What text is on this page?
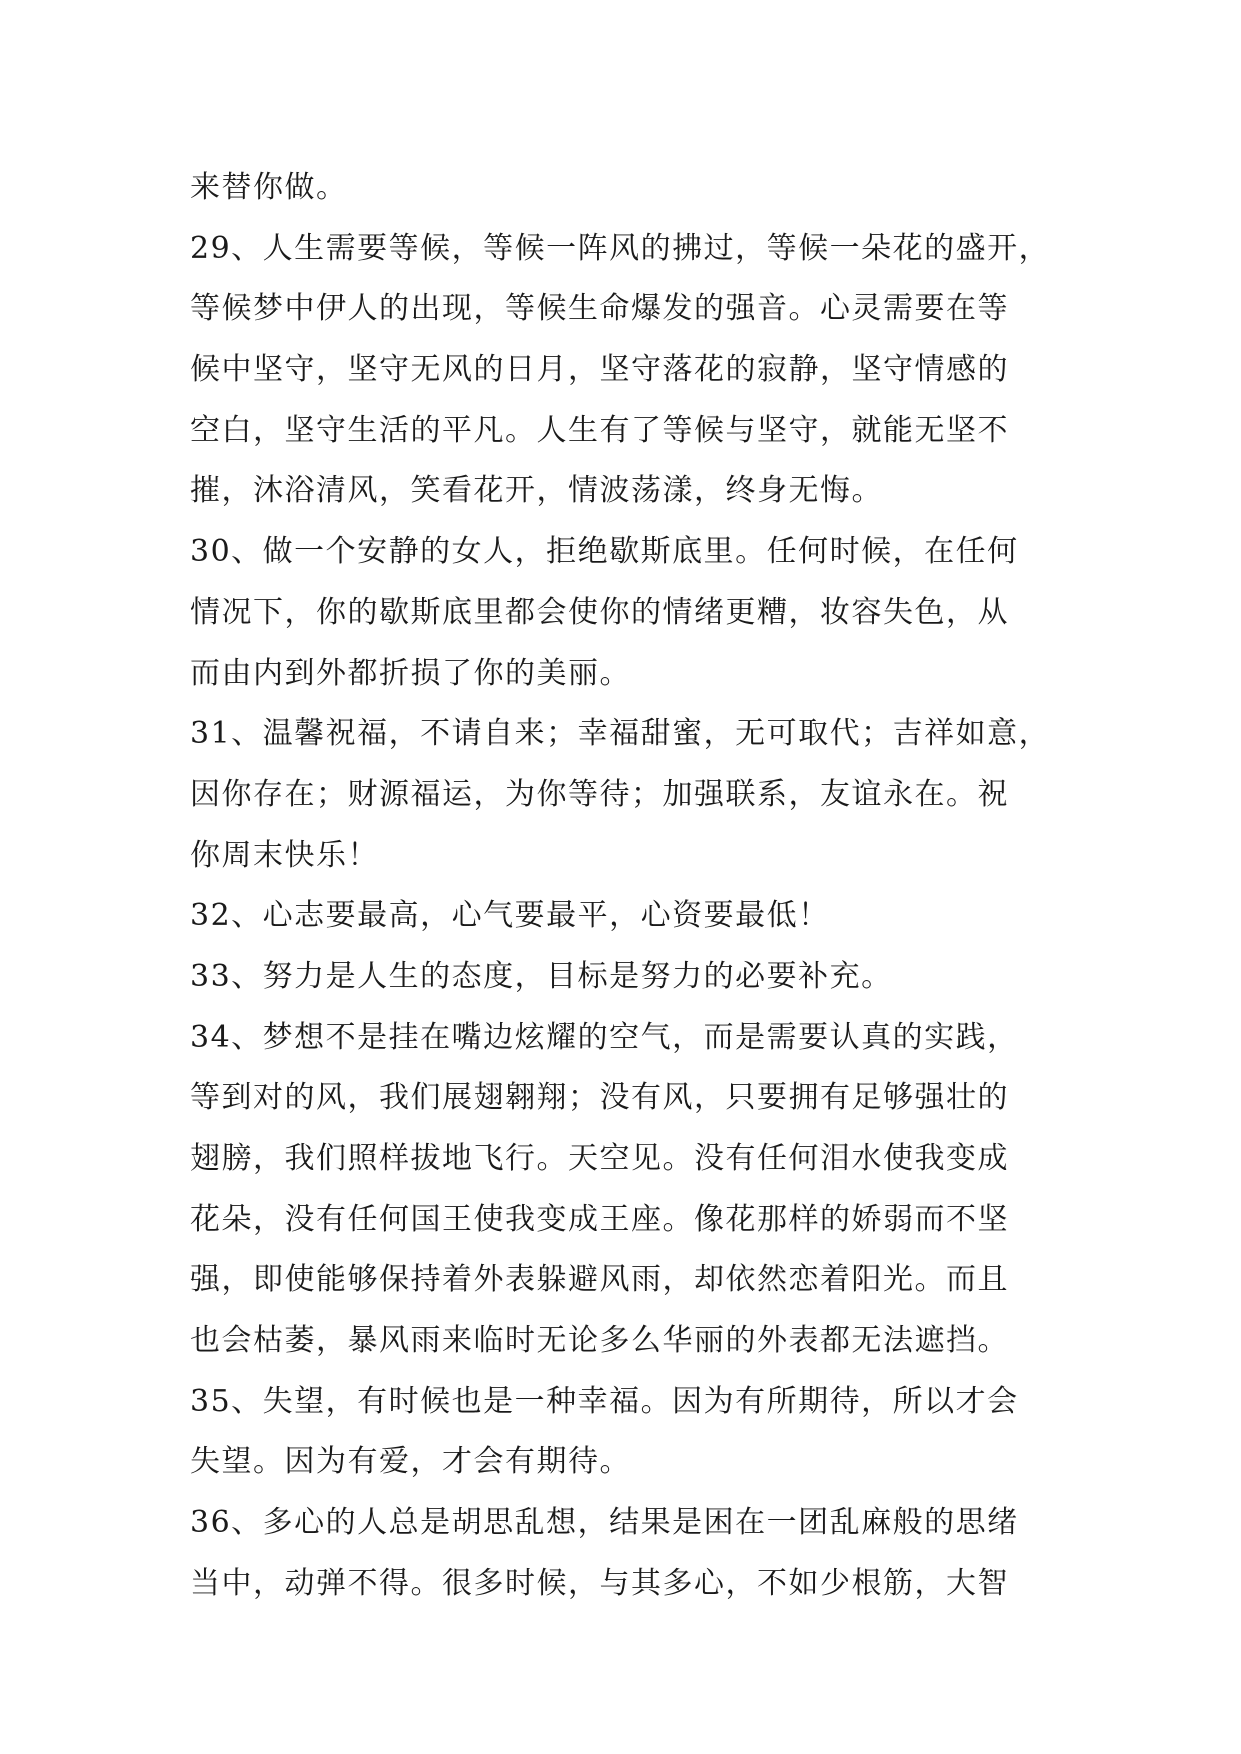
来替你做。
29、人生需要等候，等候一阵风的拂过，等候一朵花的盛开，
等候梦中伊人的出现，等候生命爆发的强音。心灵需要在等
候中坚守，坚守无风的日月，坚守落花的寂静，坚守情感的
空白，坚守生活的平凡。人生有了等候与坚守，就能无坚不
摧，沐浴清风，笑看花开，情波荡漾，终身无悔。
30、做一个安静的女人，拒绝歇斯底里。任何时候，在任何
情况下，你的歇斯底里都会使你的情绪更糟，妆容失色，从
而由内到外都折损了你的美丽。
31、温馨祝福，不请自来；幸福甜蜜，无可取代；吉祥如意，
因你存在；财源福运，为你等待；加强联系，友谊永在。祝
你周末快乐！
32、心志要最高，心气要最平，心资要最低！
33、努力是人生的态度，目标是努力的必要补充。
34、梦想不是挂在嘴边炫耀的空气，而是需要认真的实践，
等到对的风，我们展翅翱翔；没有风，只要拥有足够强壮的
翅膀，我们照样拔地飞行。天空见。没有任何泪水使我变成
花朵，没有任何国王使我变成王座。像花那样的娇弱而不坚
强，即使能够保持着外表躲避风雨，却依然恋着阳光。而且
也会枯萎，暴风雨来临时无论多么华丽的外表都无法遮挡。
35、失望，有时候也是一种幸福。因为有所期待，所以才会
失望。因为有爱，才会有期待。
36、多心的人总是胡思乱想，结果是困在一团乱麻般的思绪
当中，动弹不得。很多时候，与其多心，不如少根筋，大智
